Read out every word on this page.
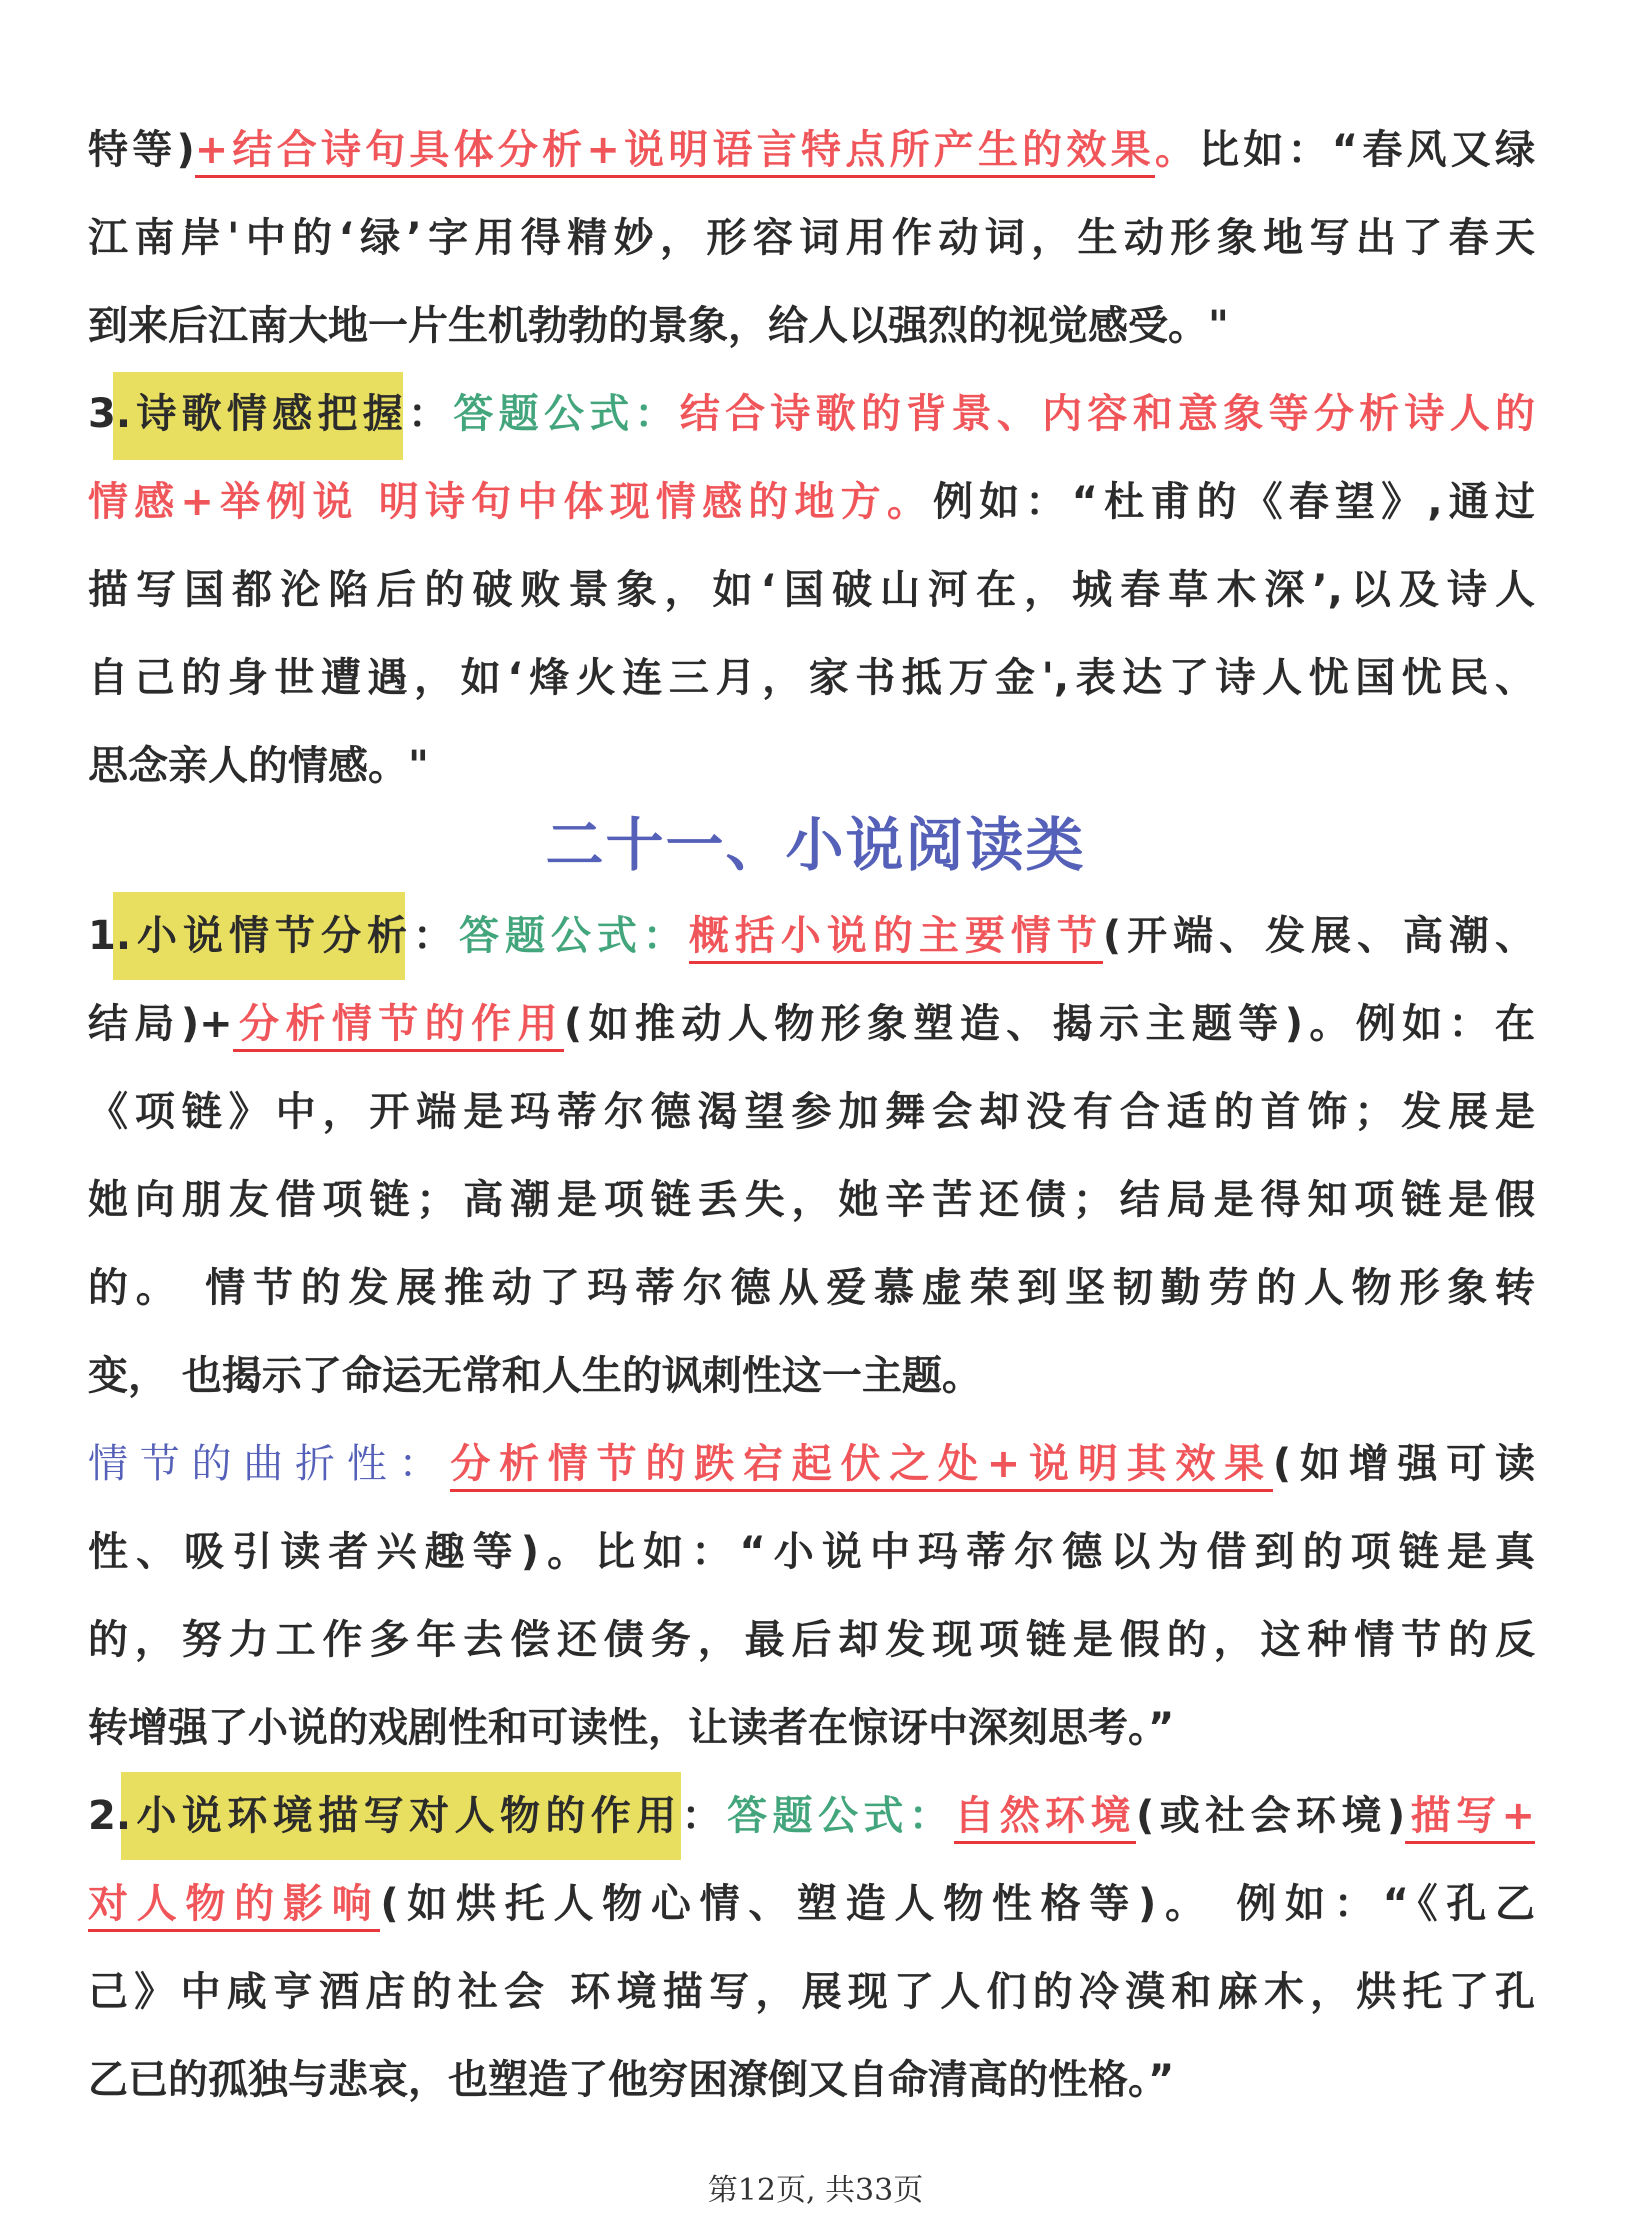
特等)+结合诗句具体分析+说明语言特点所产生的效果。比如：“春风又绿
江南岸'中的‘绿’字用得精妙，形容词用作动词，生动形象地写出了春天
到来后江南大地一片生机勃勃的景象，给人以强烈的视觉感受。"
3.诗歌情感把握：答题公式：结合诗歌的背景、内容和意象等分析诗人的
情感+举例说 明诗句中体现情感的地方。例如：“杜甫的《春望》,通过
描写国都沦陷后的破败景象，如‘国破山河在，城春草木深’,以及诗人
自己的身世遭遇，如‘烽火连三月，家书抵万金',表达了诗人忧国忧民、
思念亲人的情感。"
二十一、小说阅读类
1.小说情节分析：答题公式：概括小说的主要情节(开端、发展、高潮、
结局)+分析情节的作用(如推动人物形象塑造、揭示主题等)。例如：在
《项链》中，开端是玛蒂尔德渴望参加舞会却没有合适的首饰；发展是
她向朋友借项链；高潮是项链丢失，她辛苦还债；结局是得知项链是假
的。 情节的发展推动了玛蒂尔德从爱慕虚荣到坚韧勤劳的人物形象转
变， 也揭示了命运无常和人生的讽刺性这一主题。
情节的曲折性：分析情节的跌宕起伏之处+说明其效果(如增强可读
性、吸引读者兴趣等)。比如：“小说中玛蒂尔德以为借到的项链是真
的，努力工作多年去偿还债务，最后却发现项链是假的，这种情节的反
转增强了小说的戏剧性和可读性，让读者在惊讶中深刻思考。”
2.小说环境描写对人物的作用：答题公式：自然环境(或社会环境)描写+
对人物的影响(如烘托人物心情、塑造人物性格等)。 例如：“《孔乙
己》中咸亨酒店的社会 环境描写，展现了人们的冷漠和麻木，烘托了孔
乙已的孤独与悲哀，也塑造了他穷困潦倒又自命清高的性格。”
第12页, 共33页
